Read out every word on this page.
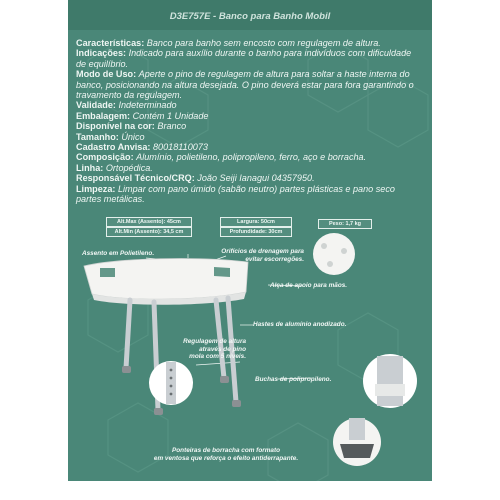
D3E757E - Banco para Banho Mobil

Características: Banco para banho sem encosto com regulagem de altura.

Indicações: Indicado para auxílio durante o banho para indivíduos com dificuldade de equilíbrio.

Modo de Uso: Aperte o pino de regulagem de altura para soltar a haste interna do banco, posicionando na altura desejada. O pino deverá estar para fora garantindo o travamento da regulagem.

Validade: Indeterminado

Embalagem: Contém 1 Unidade

Disponível na cor: Branco

Tamanho: Único

Cadastro Anvisa: 80018110073

Composição: Alumínio, polietileno, polipropileno, ferro, aço e borracha.

Linha: Ortopédica.

Responsável Técnico/CRQ: João Seiji Ianagui 04357950.

Limpeza: Limpar com pano úmido (sabão neutro) partes plásticas e pano seco partes metálicas.

Alt.Max (Assento): 45cm
Alt.Min (Assento): 34,5 cm
Largura: 50cm
Profundidade: 30cm
Peso: 1,7 kg
Assento em Polietileno.	Orifícios de drenagem para
evitar escorregões.
Alça de apoio para mãos.
Hastes de alumínio anodizado.
Regulagem de altura
através de pino
mola com 5 níveis.
Buchas de polipropileno.
Ponteiras de borracha com formato
em ventosa que reforça o efeito antiderrapante.
